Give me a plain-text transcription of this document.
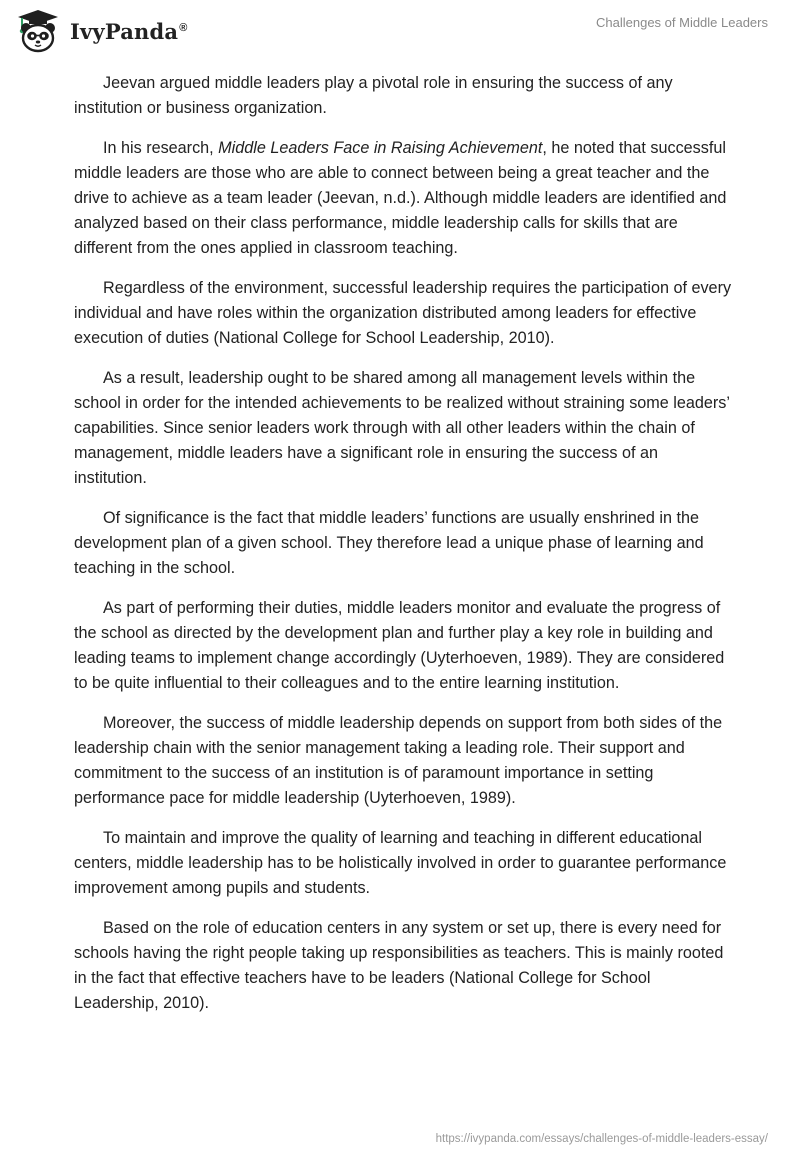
IvyPanda®	Challenges of Middle Leaders

Jeevan argued middle leaders play a pivotal role in ensuring the success of any institution or business organization.

In his research, Middle Leaders Face in Raising Achievement, he noted that successful middle leaders are those who are able to connect between being a great teacher and the drive to achieve as a team leader (Jeevan, n.d.). Although middle leaders are identified and analyzed based on their class performance, middle leadership calls for skills that are different from the ones applied in classroom teaching.

Regardless of the environment, successful leadership requires the participation of every individual and have roles within the organization distributed among leaders for effective execution of duties (National College for School Leadership, 2010).

As a result, leadership ought to be shared among all management levels within the school in order for the intended achievements to be realized without straining some leaders’ capabilities. Since senior leaders work through with all other leaders within the chain of management, middle leaders have a significant role in ensuring the success of an institution.

Of significance is the fact that middle leaders’ functions are usually enshrined in the development plan of a given school. They therefore lead a unique phase of learning and teaching in the school.

As part of performing their duties, middle leaders monitor and evaluate the progress of the school as directed by the development plan and further play a key role in building and leading teams to implement change accordingly (Uyterhoeven, 1989). They are considered to be quite influential to their colleagues and to the entire learning institution.

Moreover, the success of middle leadership depends on support from both sides of the leadership chain with the senior management taking a leading role. Their support and commitment to the success of an institution is of paramount importance in setting performance pace for middle leadership (Uyterhoeven, 1989).

To maintain and improve the quality of learning and teaching in different educational centers, middle leadership has to be holistically involved in order to guarantee performance improvement among pupils and students.

Based on the role of education centers in any system or set up, there is every need for schools having the right people taking up responsibilities as teachers. This is mainly rooted in the fact that effective teachers have to be leaders (National College for School Leadership, 2010).

https://ivypanda.com/essays/challenges-of-middle-leaders-essay/
